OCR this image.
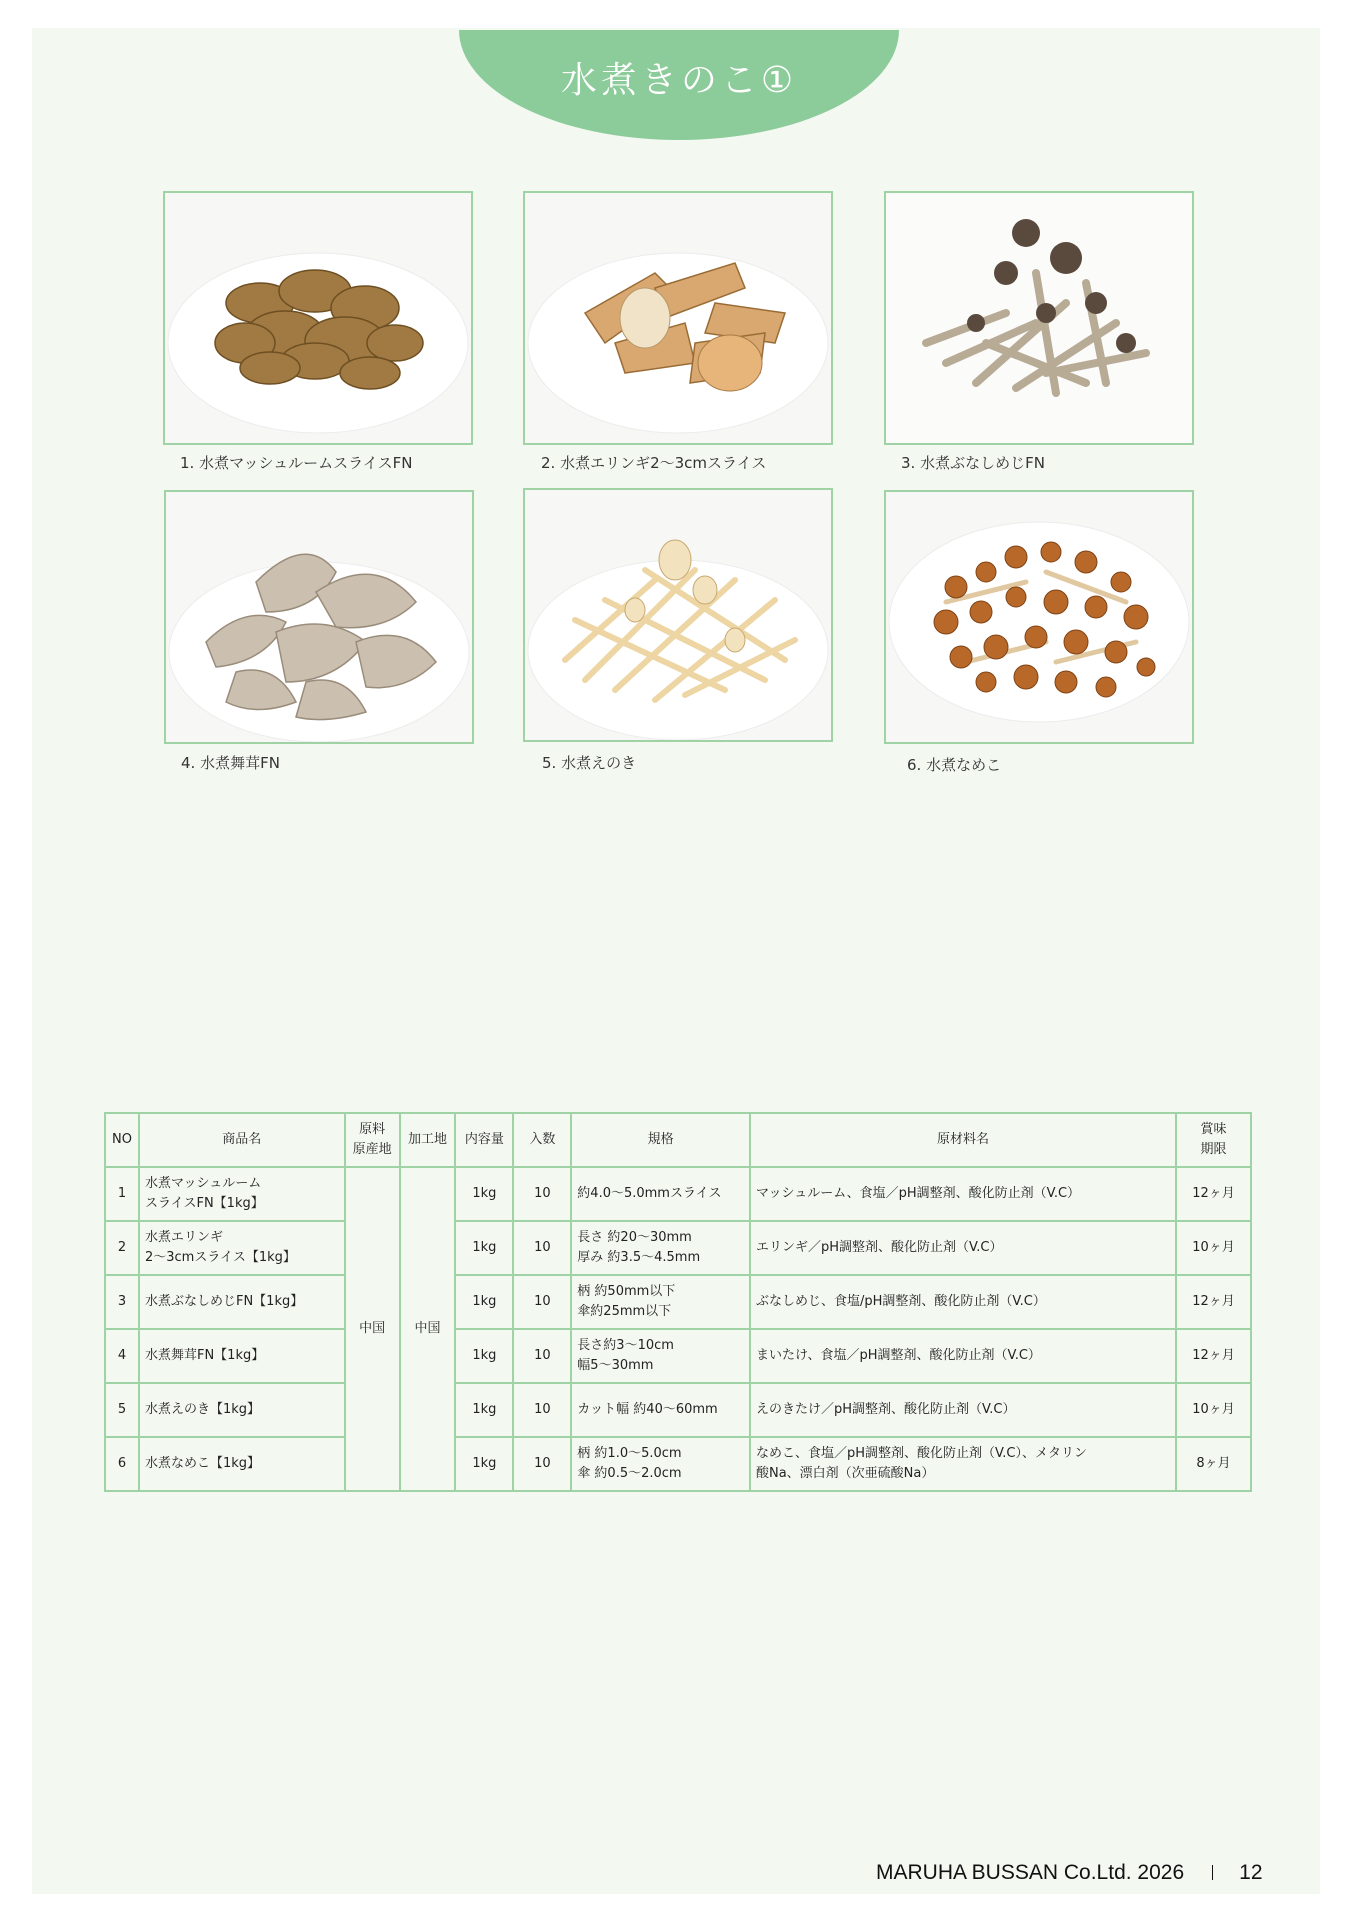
水煮きのこ①
1. 水煮マッシュルームスライスFN	2. 水煮エリンギ2〜3cmスライス	3. 水煮ぶなしめじFN
4. 水煮舞茸FN	5. 水煮えのき	6. 水煮なめこ
NO	商品名	原料
原産地	加工地	内容量	入数	規格	原材料名	賞味
期限
1	水煮マッシュルーム
スライスFN【1kg】	中国	中国	1kg	10	約4.0〜5.0mmスライス	マッシュルーム、食塩／pH調整剤、酸化防止剤（V.C）	12ヶ月
2	水煮エリンギ
2〜3cmスライス【1kg】			1kg	10	長さ 約20〜30mm
厚み 約3.5〜4.5mm	エリンギ／pH調整剤、酸化防止剤（V.C）	10ヶ月
3	水煮ぶなしめじFN【1kg】			1kg	10	柄 約50mm以下
傘約25mm以下	ぶなしめじ、食塩/pH調整剤、酸化防止剤（V.C）	12ヶ月
4	水煮舞茸FN【1kg】			1kg	10	長さ約3〜10cm
幅5〜30mm	まいたけ、食塩／pH調整剤、酸化防止剤（V.C）	12ヶ月
5	水煮えのき【1kg】			1kg	10	カット幅 約40〜60mm	えのきたけ／pH調整剤、酸化防止剤（V.C）	10ヶ月
6	水煮なめこ【1kg】			1kg	10	柄 約1.0〜5.0cm
傘 約0.5〜2.0cm	なめこ、食塩／pH調整剤、酸化防止剤（V.C）、メタリン
酸Na、漂白剤（次亜硫酸Na）	8ヶ月
MARUHA BUSSAN Co.Ltd. 2026	12
